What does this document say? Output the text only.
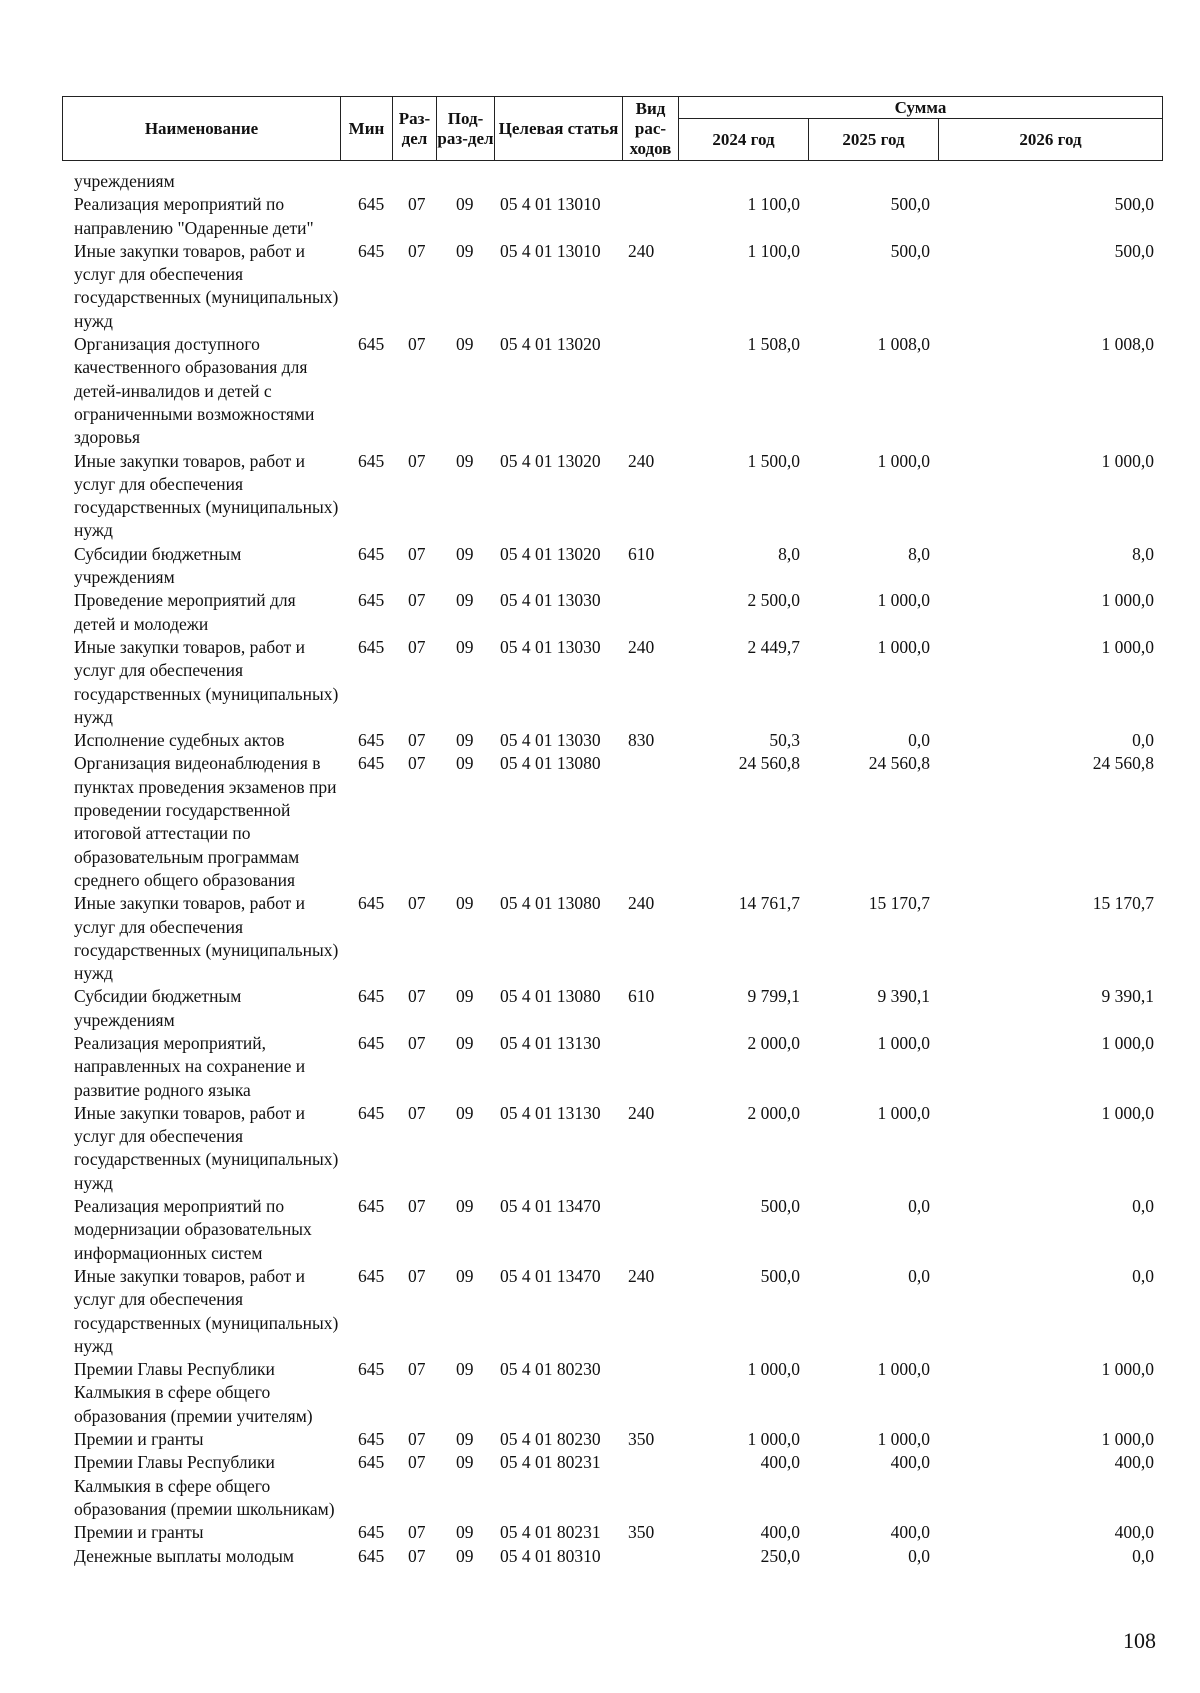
Наименование	Мин	Раз-дел	Под-раз-дел	Целевая статья	Вид рас-ходов	Сумма		
						2024 год	2025 год	2026 год
учреждениям								
Реализация мероприятий по направлению "Одаренные дети"	645	07	09	05 4 01 13010		1 100,0	500,0	500,0
Иные закупки товаров, работ и услуг для обеспечения государственных (муниципальных) нужд	645	07	09	05 4 01 13010	240	1 100,0	500,0	500,0
Организация доступного качественного образования для детей-инвалидов и детей с ограниченными возможностями здоровья	645	07	09	05 4 01 13020		1 508,0	1 008,0	1 008,0
Иные закупки товаров, работ и услуг для обеспечения государственных (муниципальных) нужд	645	07	09	05 4 01 13020	240	1 500,0	1 000,0	1 000,0
Субсидии бюджетным учреждениям	645	07	09	05 4 01 13020	610	8,0	8,0	8,0
Проведение мероприятий для детей и молодежи	645	07	09	05 4 01 13030		2 500,0	1 000,0	1 000,0
Иные закупки товаров, работ и услуг для обеспечения государственных (муниципальных) нужд	645	07	09	05 4 01 13030	240	2 449,7	1 000,0	1 000,0
Исполнение судебных актов	645	07	09	05 4 01 13030	830	50,3	0,0	0,0
Организация видеонаблюдения в пунктах проведения экзаменов при проведении государственной итоговой аттестации по образовательным программам среднего общего образования	645	07	09	05 4 01 13080		24 560,8	24 560,8	24 560,8
Иные закупки товаров, работ и услуг для обеспечения государственных (муниципальных) нужд	645	07	09	05 4 01 13080	240	14 761,7	15 170,7	15 170,7
Субсидии бюджетным учреждениям	645	07	09	05 4 01 13080	610	9 799,1	9 390,1	9 390,1
Реализация мероприятий, направленных на сохранение и развитие родного языка	645	07	09	05 4 01 13130		2 000,0	1 000,0	1 000,0
Иные закупки товаров, работ и услуг для обеспечения государственных (муниципальных) нужд	645	07	09	05 4 01 13130	240	2 000,0	1 000,0	1 000,0
Реализация мероприятий по модернизации образовательных информационных систем	645	07	09	05 4 01 13470		500,0	0,0	0,0
Иные закупки товаров, работ и услуг для обеспечения государственных (муниципальных) нужд	645	07	09	05 4 01 13470	240	500,0	0,0	0,0
Премии Главы Республики Калмыкия в сфере общего образования (премии учителям)	645	07	09	05 4 01 80230		1 000,0	1 000,0	1 000,0
Премии и гранты	645	07	09	05 4 01 80230	350	1 000,0	1 000,0	1 000,0
Премии Главы Республики Калмыкия в сфере общего образования (премии школьникам)	645	07	09	05 4 01 80231		400,0	400,0	400,0
Премии и гранты	645	07	09	05 4 01 80231	350	400,0	400,0	400,0
Денежные выплаты молодым	645	07	09	05 4 01 80310		250,0	0,0	0,0
108
